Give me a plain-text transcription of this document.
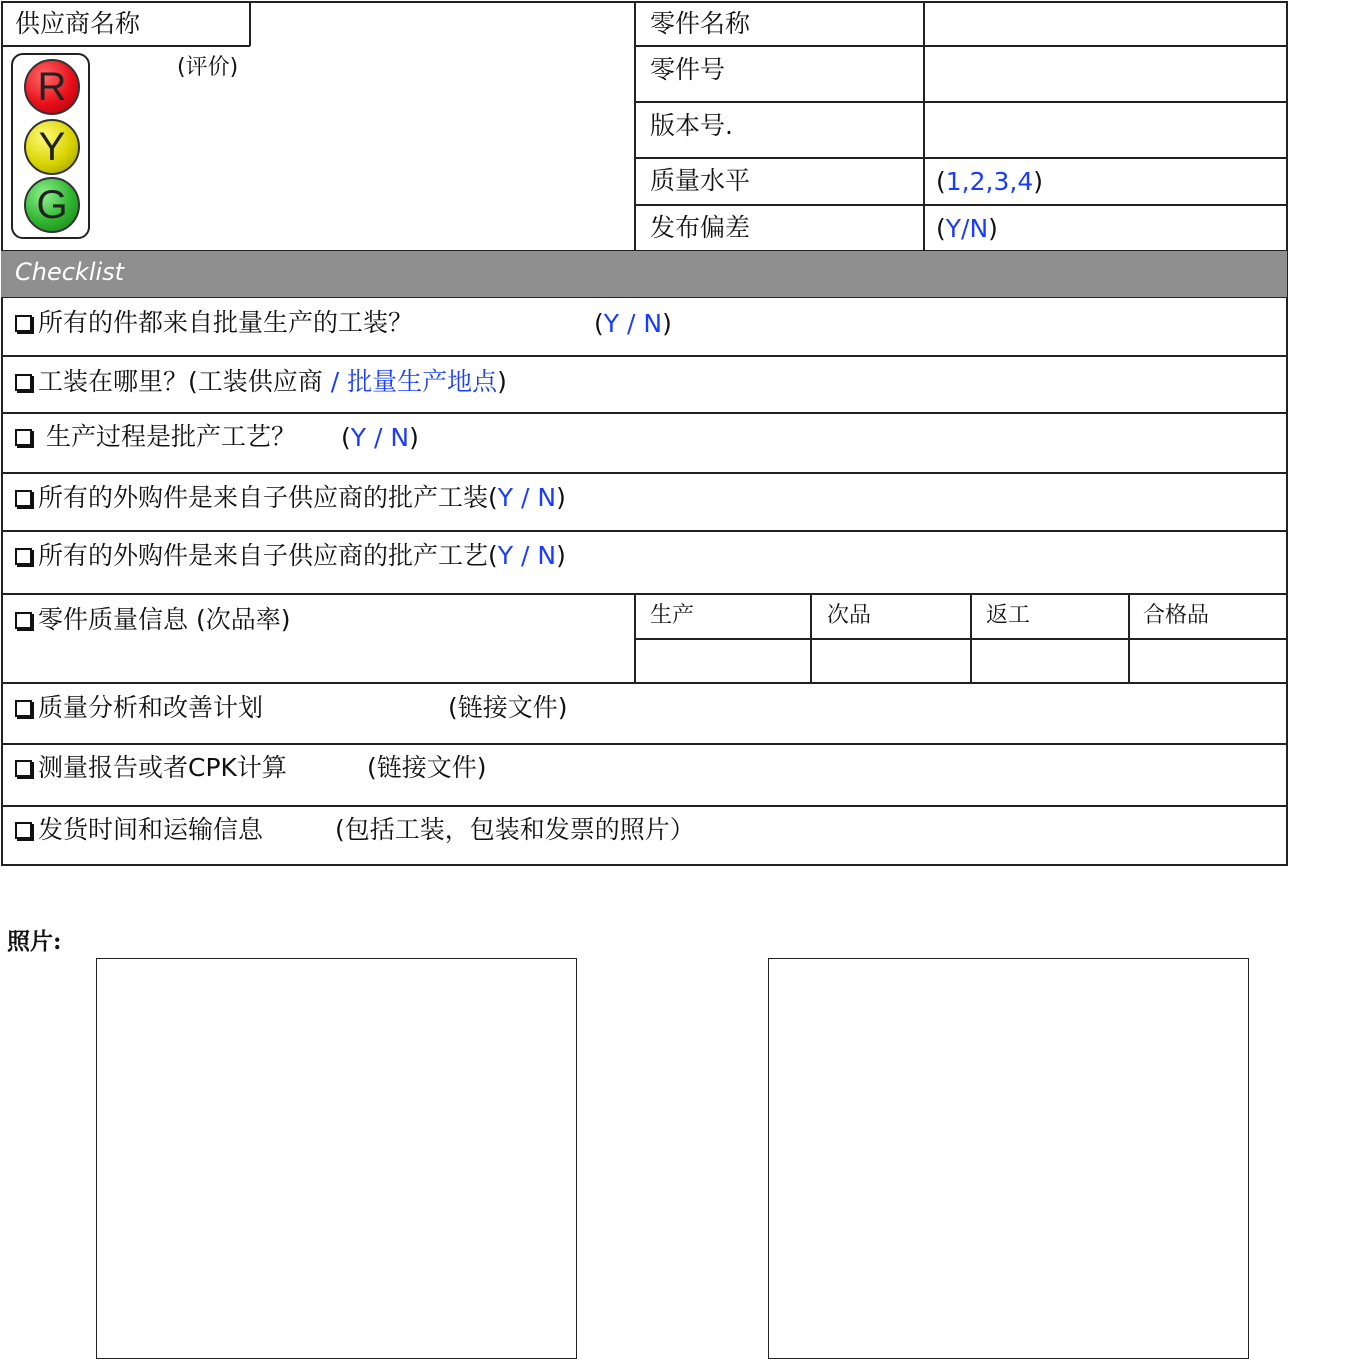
供应商名称	零件名称
(评价)	零件号
版本号.
质量水平	(1,2,3,4)
发布偏差	(Y/N)
R
Y
G
Checklist
所有的件都来自批量生产的工装？	(Y / N)
工装在哪里？(工装供应商 / 批量生产地点)
生产过程是批产工艺？ (Y / N)
所有的外购件是来自子供应商的批产工装(Y / N)
所有的外购件是来自子供应商的批产工艺(Y / N)
零件质量信息 (次品率)	生产	次品	返工	合格品
质量分析和改善计划	(链接文件)
测量报告或者CPK计算	(链接文件)
发货时间和运输信息	(包括工装，包装和发票的照片）
照片:
